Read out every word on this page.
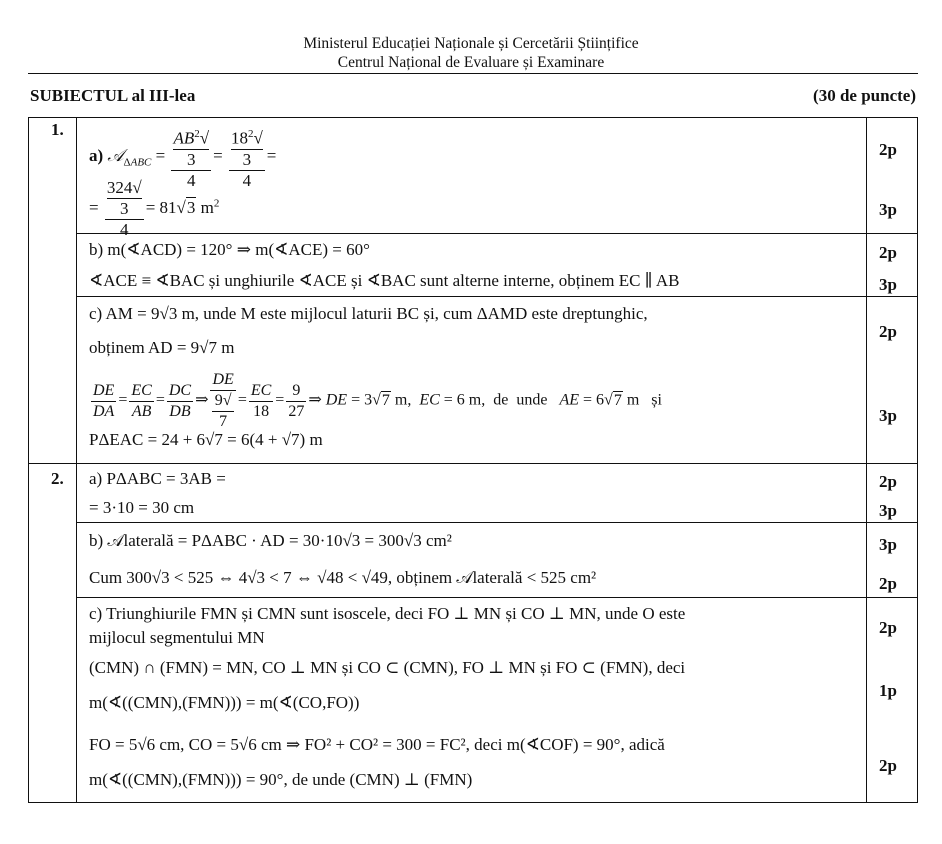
Ministerul Educației Naționale și Cercetării Științifice
Centrul Național de Evaluare și Examinare
SUBIECTUL al III-lea	(30 de puncte)
1.
a) 𝒜$_{\Delta ABC}$ = $AB^2√$
3
$4 = 18^2√$
3
4 =
= 324√
3
4 = 81√3 $m^2$
2p
3p
b) m(∢ACD) = 120° ⇒ m(∢ACE) = 60°
∢ACE ≡ ∢BAC și unghiurile ∢ACE și ∢BAC sunt alterne interne, obținem EC ∥ AB
2p
3p
c) AM = 9√3 m, unde M este mijlocul laturii BC și, cum ΔAMD este dreptunghic,
obținem AD = 9√7 m
$\frac{DE}{DA} = \frac{EC}{AB} = \frac{DC}{DB}$ ⇒ DE
9√
$7 = \frac{EC}{18} = \frac{9}{27}$ ⇒ DE = 3√7 m,  EC = 6 m,  de  unde   AE = 6√7 m   și
PΔEAC = 24 + 6√7 = 6(4 + √7) m
2p
3p
2. a) PΔABC = 3AB =
= 3·10 = 30 cm
2p
3p
b) 𝒜laterală = PΔABC · AD = 30·10√3 = 300√3 cm²
Cum 300√3 < 525 ⇔ 4√3 < 7 ⇔ √48 < √49, obținem 𝒜laterală < 525 cm²
3p
2p
c) Triunghiurile FMN și CMN sunt isoscele, deci FO ⊥ MN și CO ⊥ MN, unde O este
mijlocul segmentului MN
(CMN) ∩ (FMN) = MN, CO ⊥ MN și CO ⊂ (CMN), FO ⊥ MN și FO ⊂ (FMN), deci
m(∢((CMN),(FMN))) = m(∢(CO,FO))
FO = 5√6 cm, CO = 5√6 cm ⇒ FO² + CO² = 300 = FC², deci m(∢COF) = 90°, adică
m(∢((CMN),(FMN))) = 90°, de unde (CMN) ⊥ (FMN)
2p
1p
2p
